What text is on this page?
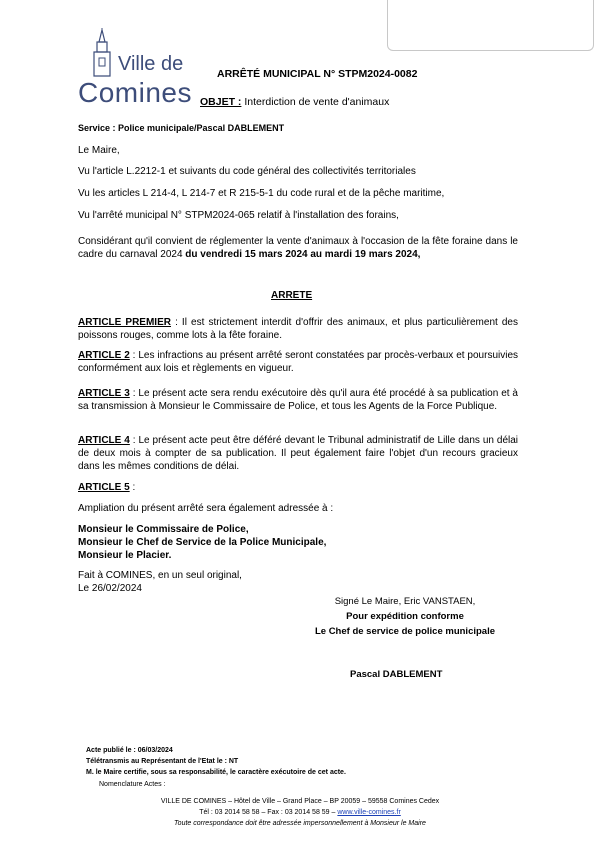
Ville de
Comines
ARRÊTÉ MUNICIPAL N° STPM2024-0082
OBJET : Interdiction de vente d'animaux
Service : Police municipale/Pascal DABLEMENT
Le Maire,
Vu l'article L.2212-1 et suivants du code général des collectivités territoriales
Vu les articles L 214-4, L 214-7 et R 215-5-1 du code rural et de la pêche maritime,
Vu l'arrêté municipal N° STPM2024-065 relatif à l'installation des forains,
Considérant qu'il convient de réglementer la vente d'animaux à l'occasion de la fête foraine dans le cadre du carnaval 2024 du vendredi 15 mars 2024 au mardi 19 mars 2024,
ARRETE
ARTICLE PREMIER : Il est strictement interdit d'offrir des animaux, et plus particulièrement des poissons rouges, comme lots à la fête foraine.
ARTICLE 2 : Les infractions au présent arrêté seront constatées par procès-verbaux et poursuivies conformément aux lois et règlements en vigueur.
ARTICLE 3 : Le présent acte sera rendu exécutoire dès qu'il aura été procédé à sa publication et à sa transmission à Monsieur le Commissaire de Police, et tous les Agents de la Force Publique.
ARTICLE 4 : Le présent acte peut être déféré devant le Tribunal administratif de Lille dans un délai de deux mois à compter de sa publication. Il peut également faire l'objet d'un recours gracieux dans les mêmes conditions de délai.
ARTICLE 5 :
Ampliation du présent arrêté sera également adressée à :
Monsieur le Commissaire de Police,
Monsieur le Chef de Service de la Police Municipale,
Monsieur le Placier.
Fait à COMINES, en un seul original,
Le 26/02/2024
Signé Le Maire, Eric VANSTAEN,
Pour expédition conforme
Le Chef de service de police municipale
Pascal DABLEMENT
Acte publié le : 06/03/2024
Télétransmis au Représentant de l'Etat le : NT
M. le Maire certifie, sous sa responsabilité, le caractère exécutoire de cet acte.
Nomenclature Actes :
VILLE DE COMINES – Hôtel de Ville – Grand Place – BP 20059 – 59558 Comines Cedex
Tél : 03 2014 58 58 – Fax : 03 2014 58 59 – www.ville-comines.fr
Toute correspondance doit être adressée impersonnellement à Monsieur le Maire
